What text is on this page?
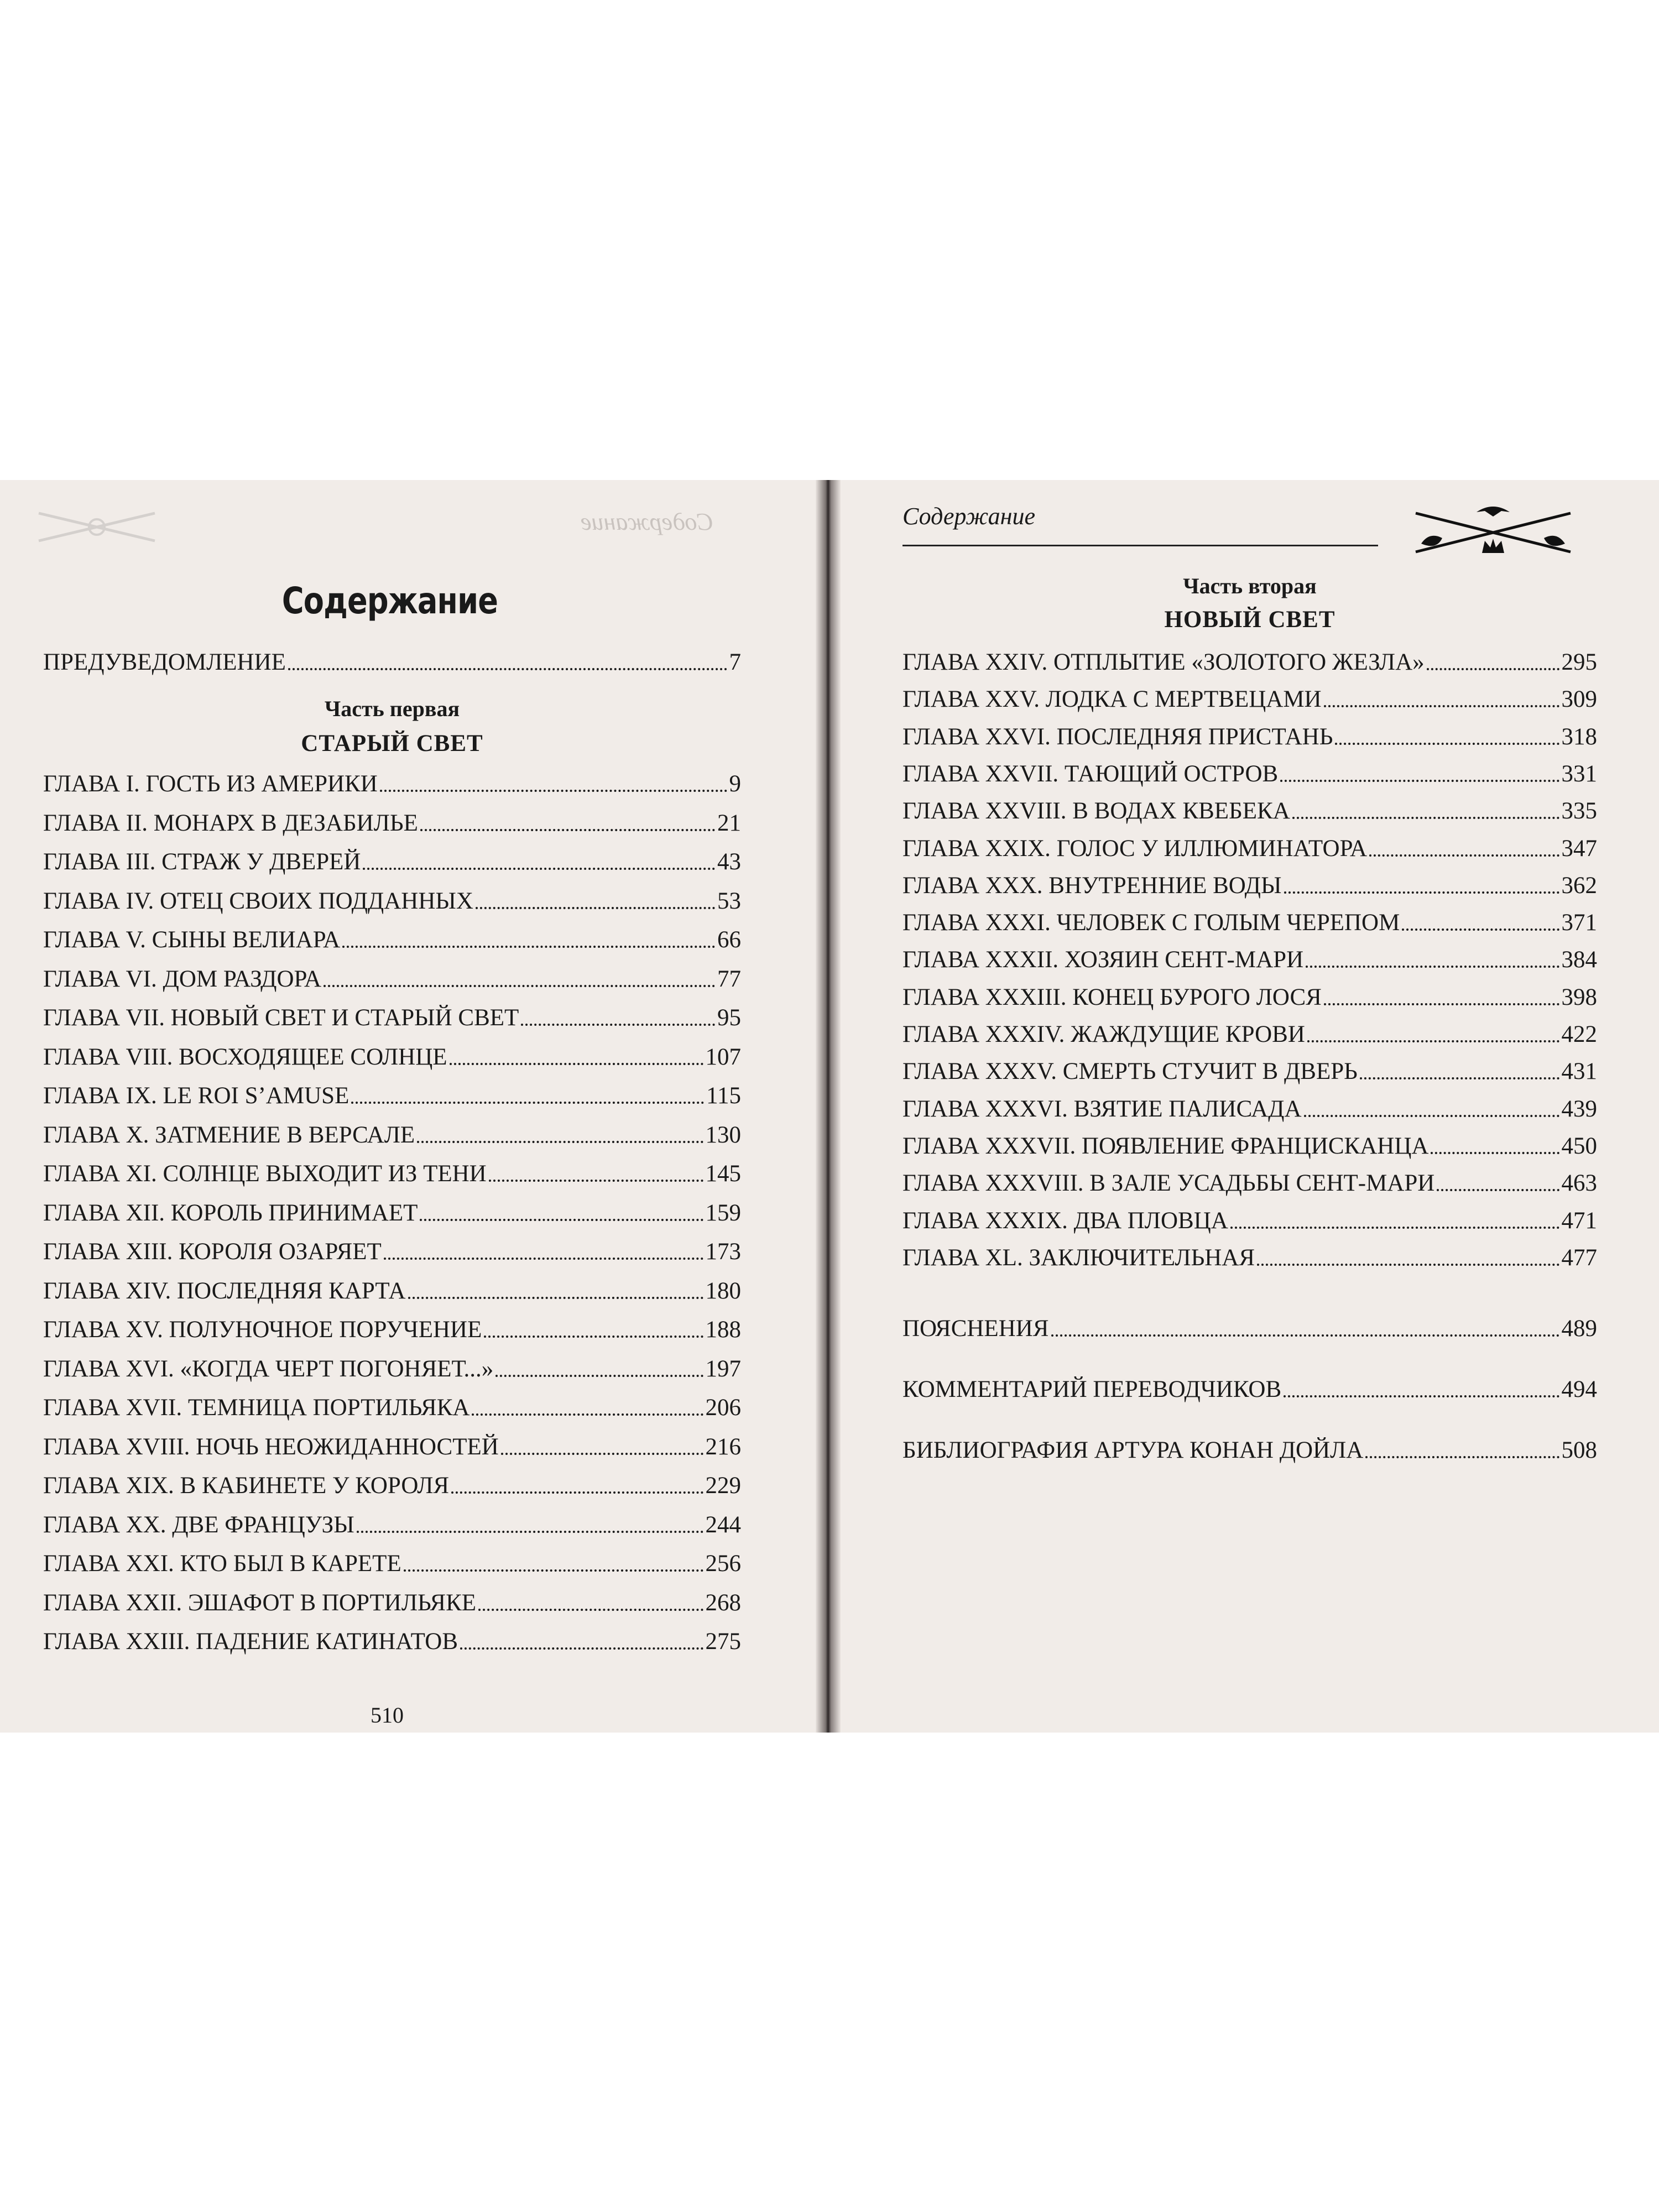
Содержание
Содержание
ПРЕДУВЕДОМЛЕНИЕ	7
Часть первая
СТАРЫЙ СВЕТ
ГЛАВА I. ГОСТЬ ИЗ АМЕРИКИ	9
ГЛАВА II. МОНАРХ В ДЕЗАБИЛЬЕ	21
ГЛАВА III. СТРАЖ У ДВЕРЕЙ	43
ГЛАВА IV. ОТЕЦ СВОИХ ПОДДАННЫХ	53
ГЛАВА V. СЫНЫ ВЕЛИАРА	66
ГЛАВА VI. ДОМ РАЗДОРА	77
ГЛАВА VII. НОВЫЙ СВЕТ И СТАРЫЙ СВЕТ	95
ГЛАВА VIII. ВОСХОДЯЩЕЕ СОЛНЦЕ	107
ГЛАВА IX. LE ROI S’AMUSE	115
ГЛАВА X. ЗАТМЕНИЕ В ВЕРСАЛЕ	130
ГЛАВА XI. СОЛНЦЕ ВЫХОДИТ ИЗ ТЕНИ	145
ГЛАВА XII. КОРОЛЬ ПРИНИМАЕТ	159
ГЛАВА XIII. КОРОЛЯ ОЗАРЯЕТ	173
ГЛАВА XIV. ПОСЛЕДНЯЯ КАРТА	180
ГЛАВА XV. ПОЛУНОЧНОЕ ПОРУЧЕНИЕ	188
ГЛАВА XVI. «КОГДА ЧЕРТ ПОГОНЯЕТ...»	197
ГЛАВА XVII. ТЕМНИЦА ПОРТИЛЬЯКА	206
ГЛАВА XVIII. НОЧЬ НЕОЖИДАННОСТЕЙ	216
ГЛАВА XIX. В КАБИНЕТЕ У КОРОЛЯ	229
ГЛАВА XX. ДВЕ ФРАНЦУЗЫ	244
ГЛАВА XXI. КТО БЫЛ В КАРЕТЕ	256
ГЛАВА XXII. ЭШАФОТ В ПОРТИЛЬЯКЕ	268
ГЛАВА XXIII. ПАДЕНИЕ КАТИНАТОВ	275
510
Содержание
Часть вторая
НОВЫЙ СВЕТ
ГЛАВА XXIV. ОТПЛЫТИЕ «ЗОЛОТОГО ЖЕЗЛА»	295
ГЛАВА XXV. ЛОДКА С МЕРТВЕЦАМИ	309
ГЛАВА XXVI. ПОСЛЕДНЯЯ ПРИСТАНЬ	318
ГЛАВА XXVII. ТАЮЩИЙ ОСТРОВ	331
ГЛАВА XXVIII. В ВОДАХ КВЕБЕКА	335
ГЛАВА XXIX. ГОЛОС У ИЛЛЮМИНАТОРА	347
ГЛАВА XXX. ВНУТРЕННИЕ ВОДЫ	362
ГЛАВА XXXI. ЧЕЛОВЕК С ГОЛЫМ ЧЕРЕПОМ	371
ГЛАВА XXXII. ХОЗЯИН СЕНТ-МАРИ	384
ГЛАВА XXXIII. КОНЕЦ БУРОГО ЛОСЯ	398
ГЛАВА XXXIV. ЖАЖДУЩИЕ КРОВИ	422
ГЛАВА XXXV. СМЕРТЬ СТУЧИТ В ДВЕРЬ	431
ГЛАВА XXXVI. ВЗЯТИЕ ПАЛИСАДА	439
ГЛАВА XXXVII. ПОЯВЛЕНИЕ ФРАНЦИСКАНЦА	450
ГЛАВА XXXVIII. В ЗАЛЕ УСАДЬБЫ СЕНТ-МАРИ	463
ГЛАВА XXXIX. ДВА ПЛОВЦА	471
ГЛАВА XL. ЗАКЛЮЧИТЕЛЬНАЯ	477
ПОЯСНЕНИЯ	489
КОММЕНТАРИЙ ПЕРЕВОДЧИКОВ	494
БИБЛИОГРАФИЯ АРТУРА КОНАН ДОЙЛА	508
